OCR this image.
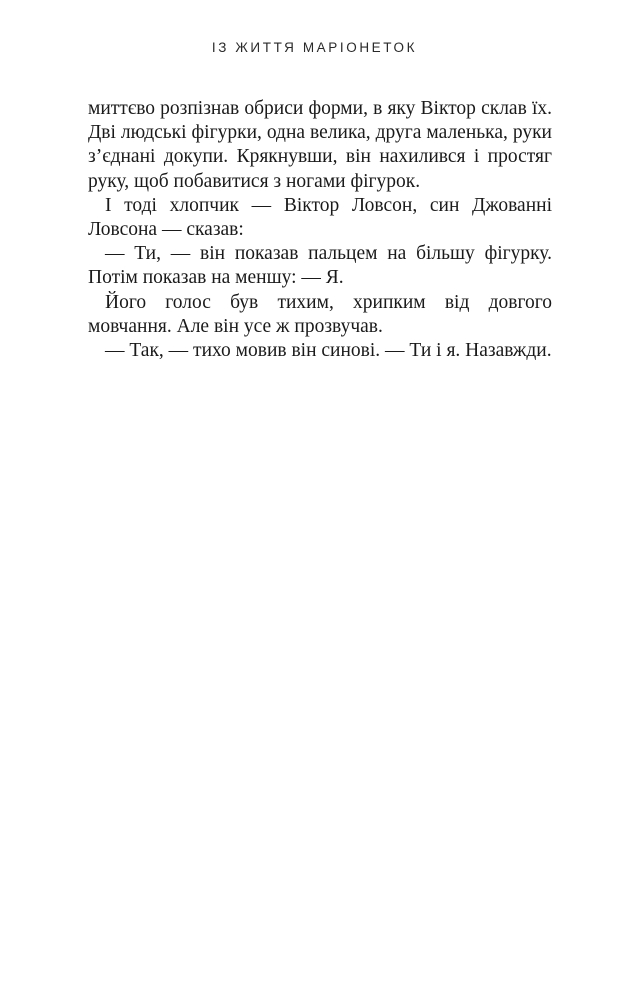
ІЗ ЖИТТЯ МАРІОНЕТОК

миттєво розпізнав обриси форми, в яку Віктор склав їх. Дві людські фігурки, одна велика, друга маленька, руки з’єднані докупи. Крякнувши, він нахилився і простяг руку, щоб побавитися з ногами фігурок.

І тоді хлопчик — Віктор Ловсон, син Джованні Ловсона — сказав:

— Ти, — він показав пальцем на більшу фігурку. Потім показав на меншу: — Я.

Його голос був тихим, хрипким від довгого мовчання. Але він усе ж прозвучав.

— Так, — тихо мовив він синові. — Ти і я. Назавжди.
